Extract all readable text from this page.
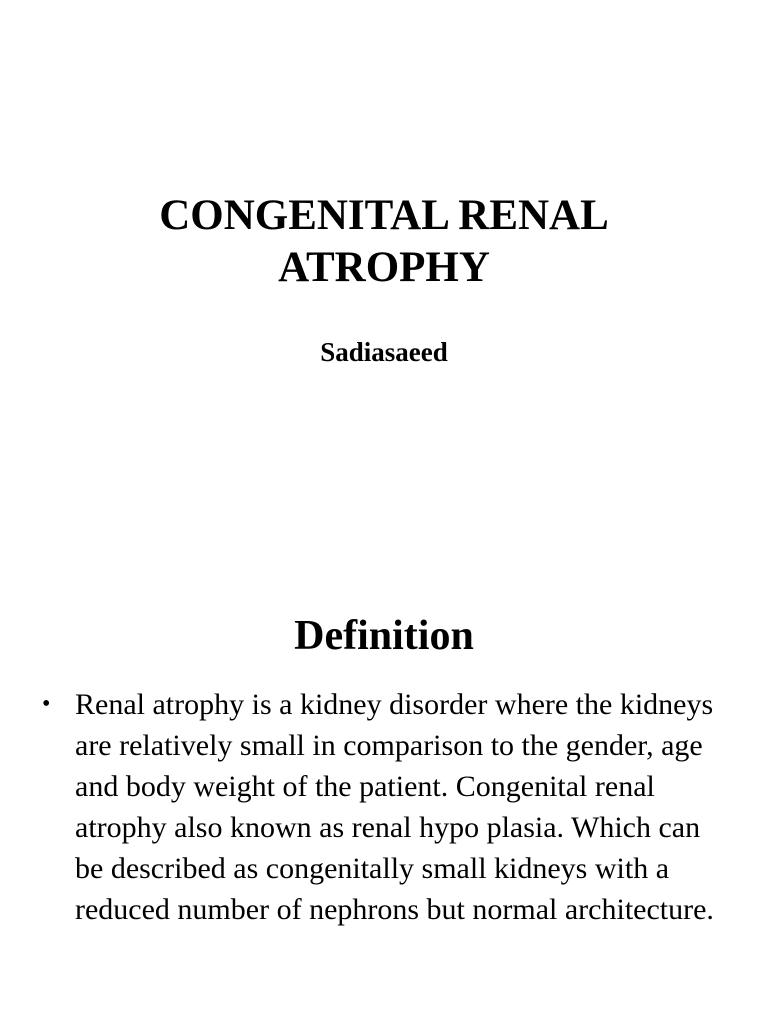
CONGENITAL RENAL
ATROPHY

Sadiasaeed

Definition
• Renal atrophy is a kidney disorder where the kidneys are relatively small in comparison to the gender, age and body weight of the patient. Congenital renal atrophy also known as renal hypo plasia. Which can be described as congenitally small kidneys with a reduced number of nephrons but normal architecture.
